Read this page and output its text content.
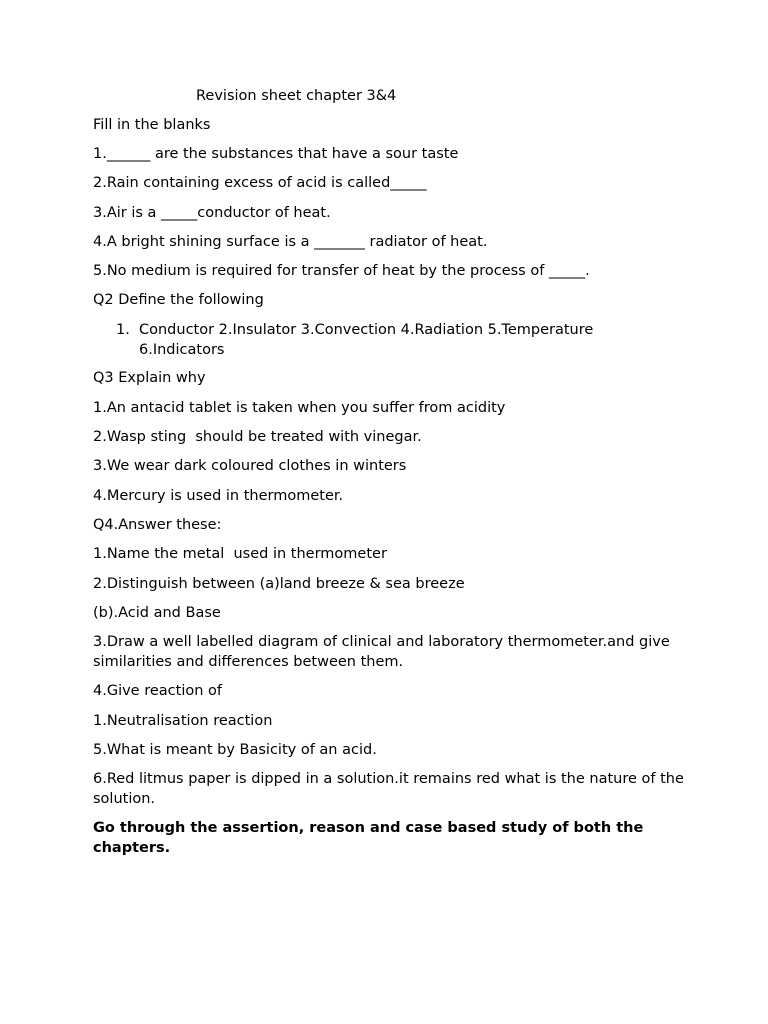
Revision sheet chapter 3&4

Fill in the blanks

1.______ are the substances that have a sour taste

2.Rain containing excess of acid is called_____

3.Air is a _____conductor of heat.

4.A bright shining surface is a _______ radiator of heat.

5.No medium is required for transfer of heat by the process of _____.

Q2 Define the following

1. Conductor 2.Insulator 3.Convection 4.Radiation 5.Temperature 6.Indicators

Q3 Explain why

1.An antacid tablet is taken when you suffer from acidity

2.Wasp sting  should be treated with vinegar.

3.We wear dark coloured clothes in winters

4.Mercury is used in thermometer.

Q4.Answer these:

1.Name the metal  used in thermometer

2.Distinguish between (a)land breeze & sea breeze

(b).Acid and Base

3.Draw a well labelled diagram of clinical and laboratory thermometer.and give similarities and differences between them.

4.Give reaction of

1.Neutralisation reaction

5.What is meant by Basicity of an acid.

6.Red litmus paper is dipped in a solution.it remains red what is the nature of the solution.

Go through the assertion, reason and case based study of both the chapters.
